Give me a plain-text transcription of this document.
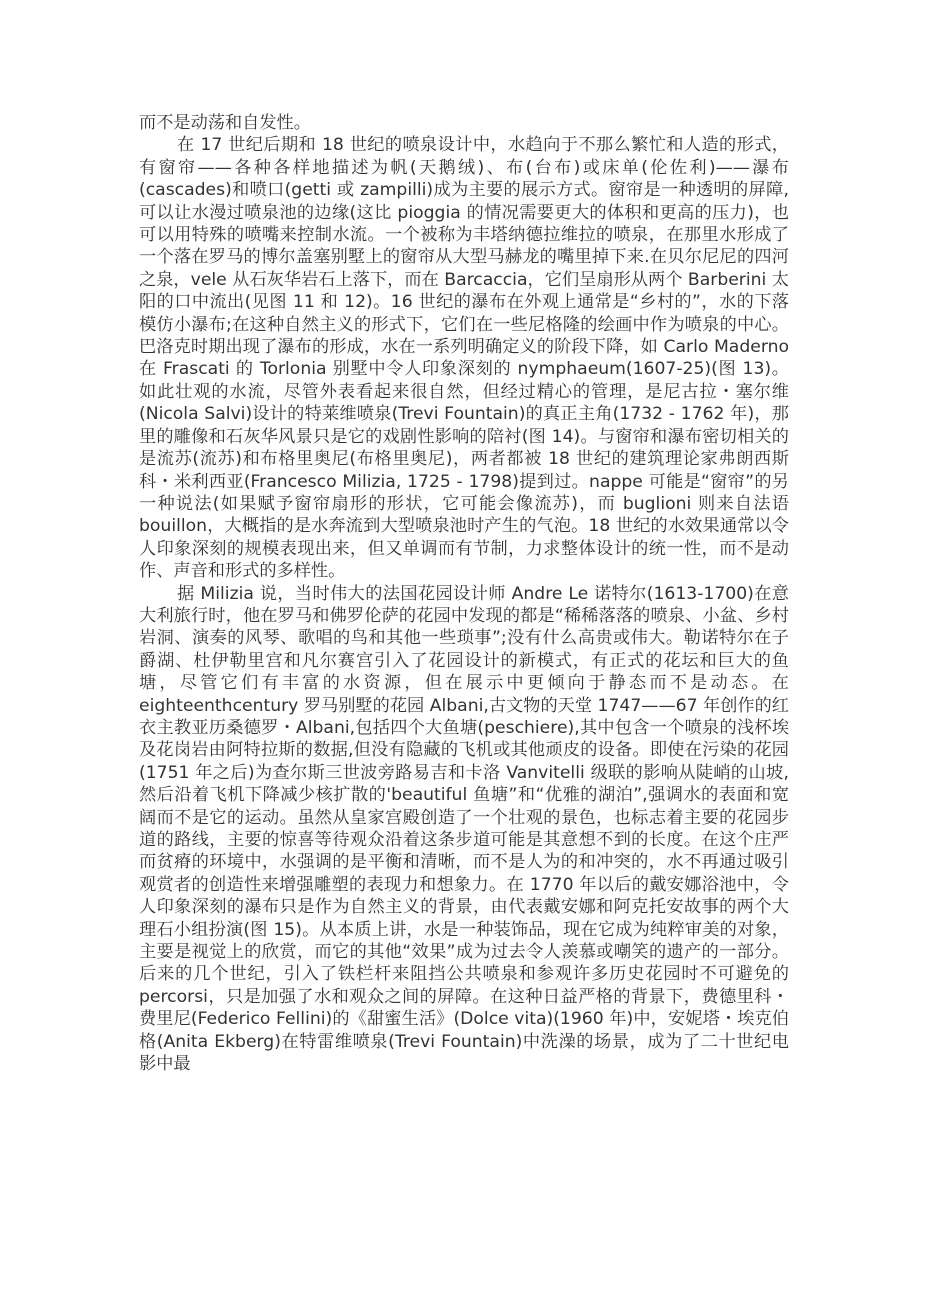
而不是动荡和自发性。

在 17 世纪后期和 18 世纪的喷泉设计中，水趋向于不那么繁忙和人造的形式，有窗帘——各种各样地描述为帆(天鹅绒)、布(台布)或床单(伦佐利)——瀑布(cascades)和喷口(getti 或 zampilli)成为主要的展示方式。窗帘是一种透明的屏障,可以让水漫过喷泉池的边缘(这比 pioggia 的情况需要更大的体积和更高的压力)，也可以用特殊的喷嘴来控制水流。一个被称为丰塔纳德拉维拉的喷泉，在那里水形成了一个落在罗马的博尔盖塞别墅上的窗帘从大型马赫龙的嘴里掉下来.在贝尔尼尼的四河之泉，vele 从石灰华岩石上落下，而在 Barcaccia，它们呈扇形从两个 Barberini 太阳的口中流出(见图 11 和 12)。16 世纪的瀑布在外观上通常是“乡村的”，水的下落模仿小瀑布;在这种自然主义的形式下，它们在一些尼格隆的绘画中作为喷泉的中心。巴洛克时期出现了瀑布的形成，水在一系列明确定义的阶段下降，如 Carlo Maderno 在 Frascati 的 Torlonia 别墅中令人印象深刻的 nymphaeum(1607-25)(图 13)。如此壮观的水流，尽管外表看起来很自然，但经过精心的管理，是尼古拉・塞尔维(Nicola Salvi)设计的特莱维喷泉(Trevi Fountain)的真正主角(1732 - 1762 年)，那里的雕像和石灰华风景只是它的戏剧性影响的陪衬(图 14)。与窗帘和瀑布密切相关的是流苏(流苏)和布格里奥尼(布格里奥尼)，两者都被 18 世纪的建筑理论家弗朗西斯科・米利西亚(Francesco Milizia, 1725 - 1798)提到过。nappe 可能是“窗帘”的另一种说法(如果赋予窗帘扇形的形状，它可能会像流苏)，而 buglioni 则来自法语 bouillon，大概指的是水奔流到大型喷泉池时产生的气泡。18 世纪的水效果通常以令人印象深刻的规模表现出来，但又单调而有节制，力求整体设计的统一性，而不是动作、声音和形式的多样性。

据 Milizia 说，当时伟大的法国花园设计师 Andre Le 诺特尔(1613-1700)在意大利旅行时，他在罗马和佛罗伦萨的花园中发现的都是“稀稀落落的喷泉、小盆、乡村岩洞、演奏的风琴、歌唱的鸟和其他一些琐事”;没有什么高贵或伟大。勒诺特尔在子爵湖、杜伊勒里宫和凡尔赛宫引入了花园设计的新模式，有正式的花坛和巨大的鱼塘，尽管它们有丰富的水资源，但在展示中更倾向于静态而不是动态。在 eighteenthcentury 罗马别墅的花园 Albani,古文物的天堂 1747——67 年创作的红衣主教亚历桑德罗・Albani,包括四个大鱼塘(peschiere),其中包含一个喷泉的浅杯埃及花岗岩由阿特拉斯的数据,但没有隐藏的飞机或其他顽皮的设备。即使在污染的花园(1751 年之后)为查尔斯三世波旁路易吉和卡洛 Vanvitelli 级联的影响从陡峭的山坡,然后沿着飞机下降减少核扩散的'beautiful 鱼塘”和“优雅的湖泊”,强调水的表面和宽阔而不是它的运动。虽然从皇家宫殿创造了一个壮观的景色，也标志着主要的花园步道的路线，主要的惊喜等待观众沿着这条步道可能是其意想不到的长度。在这个庄严而贫瘠的环境中，水强调的是平衡和清晰，而不是人为的和冲突的，水不再通过吸引观赏者的创造性来增强雕塑的表现力和想象力。在 1770 年以后的戴安娜浴池中，令人印象深刻的瀑布只是作为自然主义的背景，由代表戴安娜和阿克托安故事的两个大理石小组扮演(图 15)。从本质上讲，水是一种装饰品，现在它成为纯粹审美的对象，主要是视觉上的欣赏，而它的其他“效果”成为过去令人羡慕或嘲笑的遗产的一部分。后来的几个世纪，引入了铁栏杆来阻挡公共喷泉和参观许多历史花园时不可避免的 percorsi，只是加强了水和观众之间的屏障。在这种日益严格的背景下，费德里科・费里尼(Federico Fellini)的《甜蜜生活》(Dolce vita)(1960 年)中，安妮塔・埃克伯格(Anita Ekberg)在特雷维喷泉(Trevi Fountain)中洗澡的场景，成为了二十世纪电影中最
